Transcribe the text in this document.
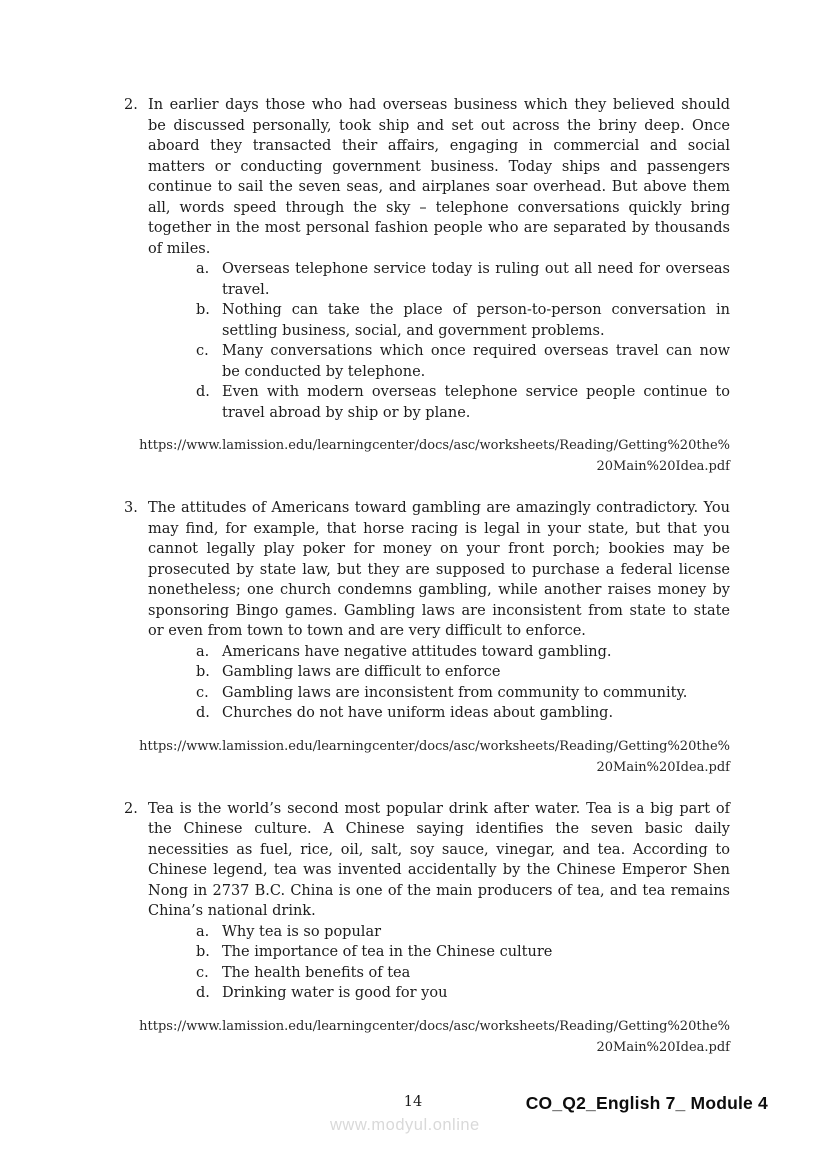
2. In earlier days those who had overseas business which they believed should be discussed personally, took ship and set out across the briny deep. Once aboard they transacted their affairs, engaging in commercial and social matters or conducting government business. Today ships and passengers continue to sail the seven seas, and airplanes soar overhead. But above them all, words speed through the sky – telephone conversations quickly bring together in the most personal fashion people who are separated by thousands of miles.
a. Overseas telephone service today is ruling out all need for overseas travel.
b. Nothing can take the place of person-to-person conversation in settling business, social, and government problems.
c. Many conversations which once required overseas travel can now be conducted by telephone.
d. Even with modern overseas telephone service people continue to travel abroad by ship or by plane.
https://www.lamission.edu/learningcenter/docs/asc/worksheets/Reading/Getting%20the%
20Main%20Idea.pdf
3. The attitudes of Americans toward gambling are amazingly contradictory. You may find, for example, that horse racing is legal in your state, but that you cannot legally play poker for money on your front porch; bookies may be prosecuted by state law, but they are supposed to purchase a federal license nonetheless; one church condemns gambling, while another raises money by sponsoring Bingo games. Gambling laws are inconsistent from state to state or even from town to town and are very difficult to enforce.
a. Americans have negative attitudes toward gambling.
b. Gambling laws are difficult to enforce
c. Gambling laws are inconsistent from community to community.
d. Churches do not have uniform ideas about gambling.
https://www.lamission.edu/learningcenter/docs/asc/worksheets/Reading/Getting%20the%
20Main%20Idea.pdf
2. Tea is the world’s second most popular drink after water. Tea is a big part of the Chinese culture. A Chinese saying identifies the seven basic daily necessities as fuel, rice, oil, salt, soy sauce, vinegar, and tea. According to Chinese legend, tea was invented accidentally by the Chinese Emperor Shen Nong in 2737 B.C. China is one of the main producers of tea, and tea remains China’s national drink.
a. Why tea is so popular
b. The importance of tea in the Chinese culture
c. The health benefits of tea
d. Drinking water is good for you
https://www.lamission.edu/learningcenter/docs/asc/worksheets/Reading/Getting%20the%
20Main%20Idea.pdf
14	CO_Q2_English 7_ Module 4
www.modyul.online
